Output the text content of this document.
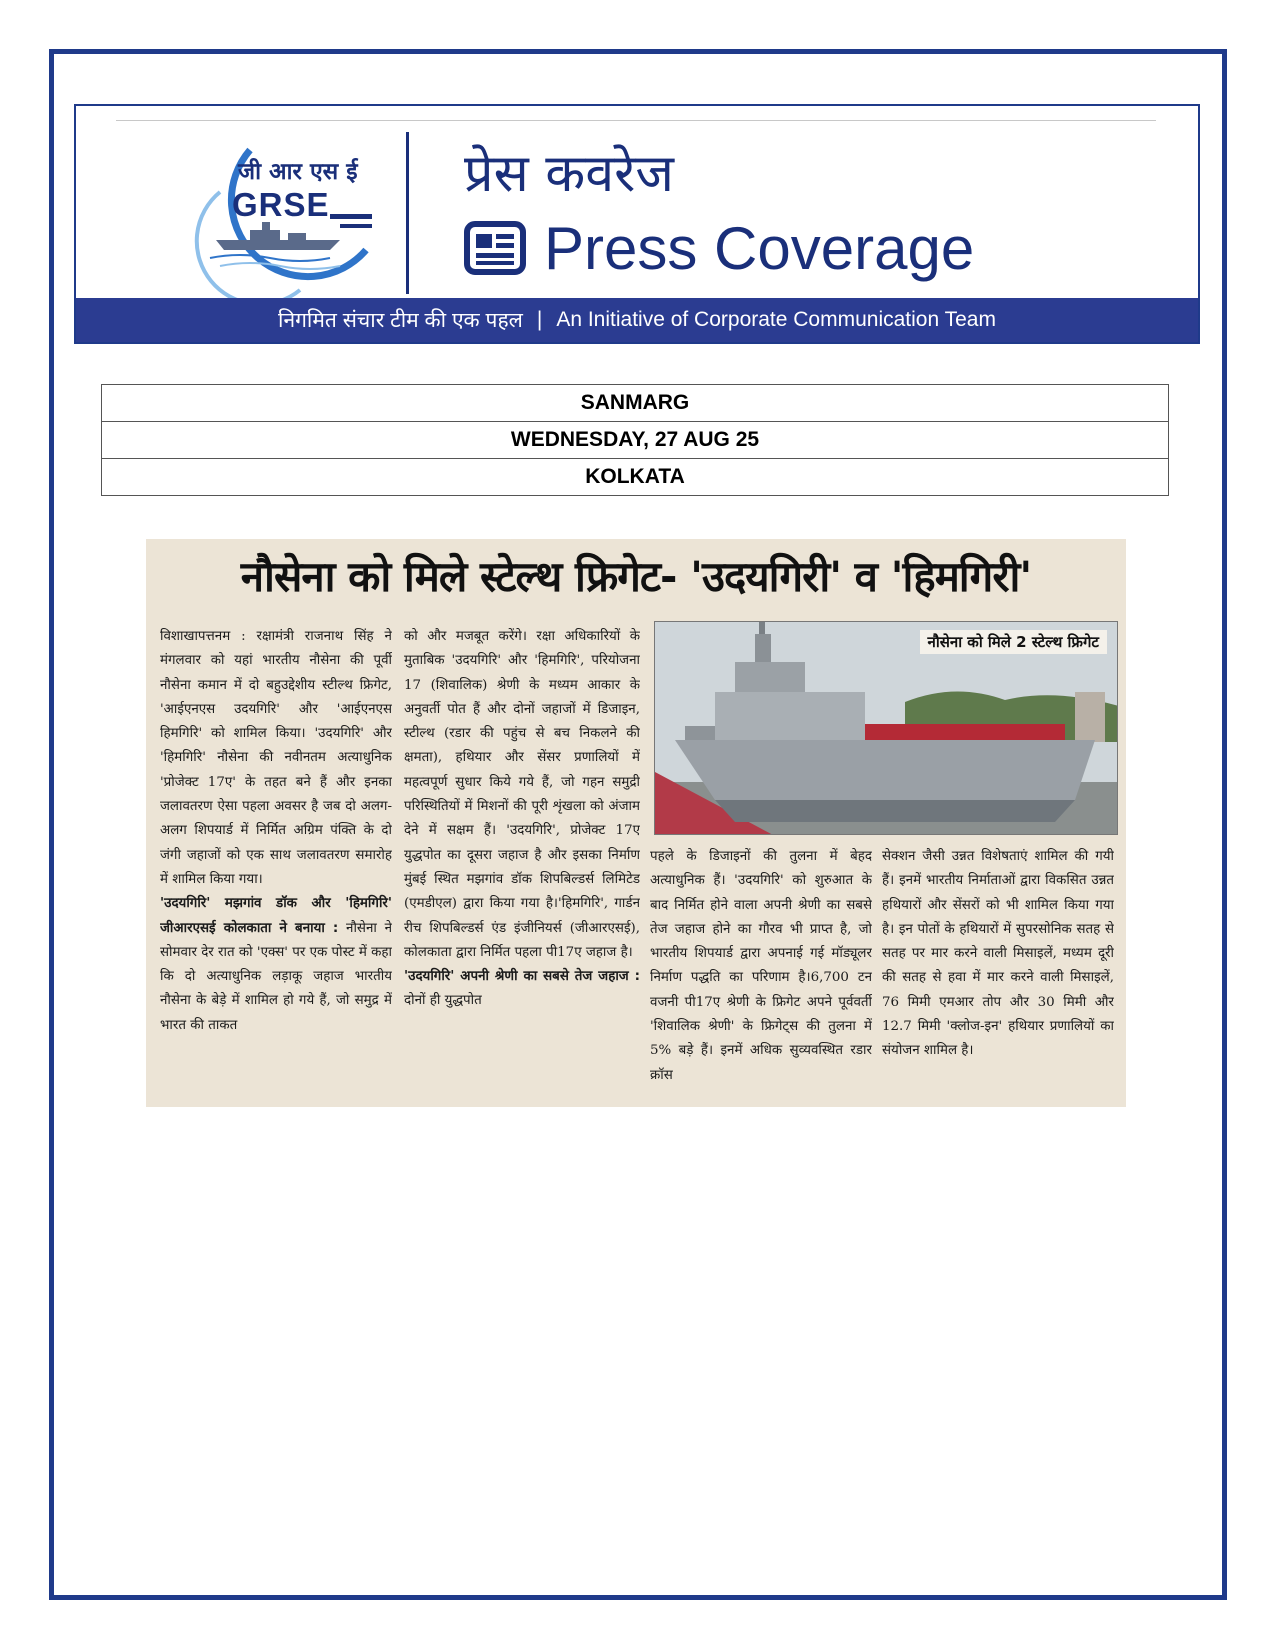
जी आर एस ई
GRSE
प्रेस कवरेज
Press Coverage
निगमित संचार टीम की एक पहल | An Initiative of Corporate Communication Team
SANMARG
WEDNESDAY, 27 AUG 25
KOLKATA
नौसेना को मिले स्टेल्थ फ्रिगेट- 'उदयगिरी' व 'हिमगिरी'

विशाखापत्तनम : रक्षामंत्री राजनाथ सिंह ने मंगलवार को यहां भारतीय नौसेना की पूर्वी नौसेना कमान में दो बहुउद्देशीय स्टील्थ फ्रिगेट, 'आईएनएस उदयगिरि' और 'आईएनएस हिमगिरि' को शामिल किया। 'उदयगिरि' और 'हिमगिरि' नौसेना की नवीनतम अत्याधुनिक 'प्रोजेक्ट 17ए' के तहत बने हैं और इनका जलावतरण ऐसा पहला अवसर है जब दो अलग-अलग शिपयार्ड में निर्मित अग्रिम पंक्ति के दो जंगी जहाजों को एक साथ जलावतरण समारोह में शामिल किया गया।

'उदयगिरि' मझगांव डॉक और 'हिमगिरि' जीआरएसई कोलकाता ने बनाया : नौसेना ने सोमवार देर रात को 'एक्स' पर एक पोस्ट में कहा कि दो अत्याधुनिक लड़ाकू जहाज भारतीय नौसेना के बेड़े में शामिल हो गये हैं, जो समुद्र में भारत की ताकत

को और मजबूत करेंगे। रक्षा अधिकारियों के मुताबिक 'उदयगिरि' और 'हिमगिरि', परियोजना 17 (शिवालिक) श्रेणी के मध्यम आकार के अनुवर्ती पोत हैं और दोनों जहाजों में डिजाइन, स्टील्थ (रडार की पहुंच से बच निकलने की क्षमता), हथियार और सेंसर प्रणालियों में महत्वपूर्ण सुधार किये गये हैं, जो गहन समुद्री परिस्थितियों में मिशनों की पूरी शृंखला को अंजाम देने में सक्षम हैं। 'उदयगिरि', प्रोजेक्ट 17ए युद्धपोत का दूसरा जहाज है और इसका निर्माण मुंबई स्थित मझगांव डॉक शिपबिल्डर्स लिमिटेड (एमडीएल) द्वारा किया गया है।'हिमगिरि', गार्डन रीच शिपबिल्डर्स एंड इंजीनियर्स (जीआरएसई), कोलकाता द्वारा निर्मित पहला पी17ए जहाज है।

'उदयगिरि' अपनी श्रेणी का सबसे तेज जहाज : दोनों ही युद्धपोत

नौसेना को मिले 2 स्टेल्थ फ्रिगेट

पहले के डिजाइनों की तुलना में बेहद अत्याधुनिक हैं। 'उदयगिरि' को शुरुआत के बाद निर्मित होने वाला अपनी श्रेणी का सबसे तेज जहाज होने का गौरव भी प्राप्त है, जो भारतीय शिपयार्ड द्वारा अपनाई गई मॉड्यूलर निर्माण पद्धति का परिणाम है।6,700 टन वजनी पी17ए श्रेणी के फ्रिगेट अपने पूर्ववर्ती 'शिवालिक श्रेणी' के फ्रिगेट्स की तुलना में 5% बड़े हैं। इनमें अधिक सुव्यवस्थित रडार क्रॉस

सेक्शन जैसी उन्नत विशेषताएं शामिल की गयी हैं। इनमें भारतीय निर्माताओं द्वारा विकसित उन्नत हथियारों और सेंसरों को भी शामिल किया गया है। इन पोतों के हथियारों में सुपरसोनिक सतह से सतह पर मार करने वाली मिसाइलें, मध्यम दूरी की सतह से हवा में मार करने वाली मिसाइलें, 76 मिमी एमआर तोप और 30 मिमी और 12.7 मिमी 'क्लोज-इन' हथियार प्रणालियों का संयोजन शामिल है।
